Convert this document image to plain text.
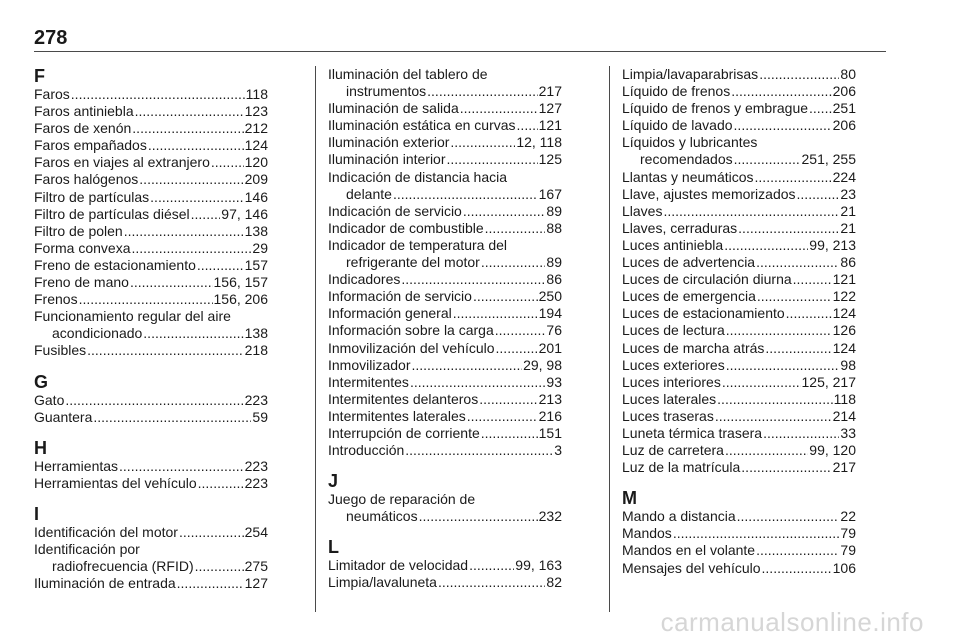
278
F
Faros .....	118
Faros antiniebla .....	123
Faros de xenón .....	212
Faros empañados .....	124
Faros en viajes al extranjero ..... 120
Faros halógenos .....	209
Filtro de partículas .....	146
Filtro de partículas diésel ..... 97, 146
Filtro de polen .....	138
Forma convexa .....	29
Freno de estacionamiento .....	157
Freno de mano .....	156, 157
Frenos .....	156, 206
Funcionamiento regular del aire
acondicionado .....	138
Fusibles .....	218
G
Gato .....	223
Guantera .....	59
H
Herramientas .....	223
Herramientas del vehículo .....	223
I
Identificación del motor .....	254
Identificación por
radiofrecuencia (RFID) .....	275
Iluminación de entrada .....	127
Iluminación del tablero de
instrumentos .....	217
Iluminación de salida .....	127
Iluminación estática en curvas ..... 121
Iluminación exterior .....	12, 118
Iluminación interior .....	125
Indicación de distancia hacia
delante .....	167
Indicación de servicio .....	89
Indicador de combustible .....	88
Indicador de temperatura del
refrigerante del motor .....	89
Indicadores .....	86
Información de servicio .....	250
Información general .....	194
Información sobre la carga .....	76
Inmovilización del vehículo .....	201
Inmovilizador .....	29, 98
Intermitentes .....	93
Intermitentes delanteros .....	213
Intermitentes laterales .....	216
Interrupción de corriente .....	151
Introducción .....	3
J
Juego de reparación de
neumáticos .....	232
L
Limitador de velocidad .....	99, 163
Limpia/lavaluneta .....	82
Limpia/lavaparabrisas .....	80
Líquido de frenos .....	206
Líquido de frenos y embrague ..... 251
Líquido de lavado .....	206
Líquidos y lubricantes
recomendados .....	251, 255
Llantas y neumáticos .....	224
Llave, ajustes memorizados .....	23
Llaves .....	21
Llaves, cerraduras .....	21
Luces antiniebla .....	99, 213
Luces de advertencia .....	86
Luces de circulación diurna .....	121
Luces de emergencia .....	122
Luces de estacionamiento .....	124
Luces de lectura .....	126
Luces de marcha atrás .....	124
Luces exteriores .....	98
Luces interiores .....	125, 217
Luces laterales .....	118
Luces traseras .....	214
Luneta térmica trasera .....	33
Luz de carretera .....	99, 120
Luz de la matrícula .....	217
M
Mando a distancia .....	22
Mandos .....	79
Mandos en el volante .....	79
Mensajes del vehículo .....	106
carmanualsonline.info
